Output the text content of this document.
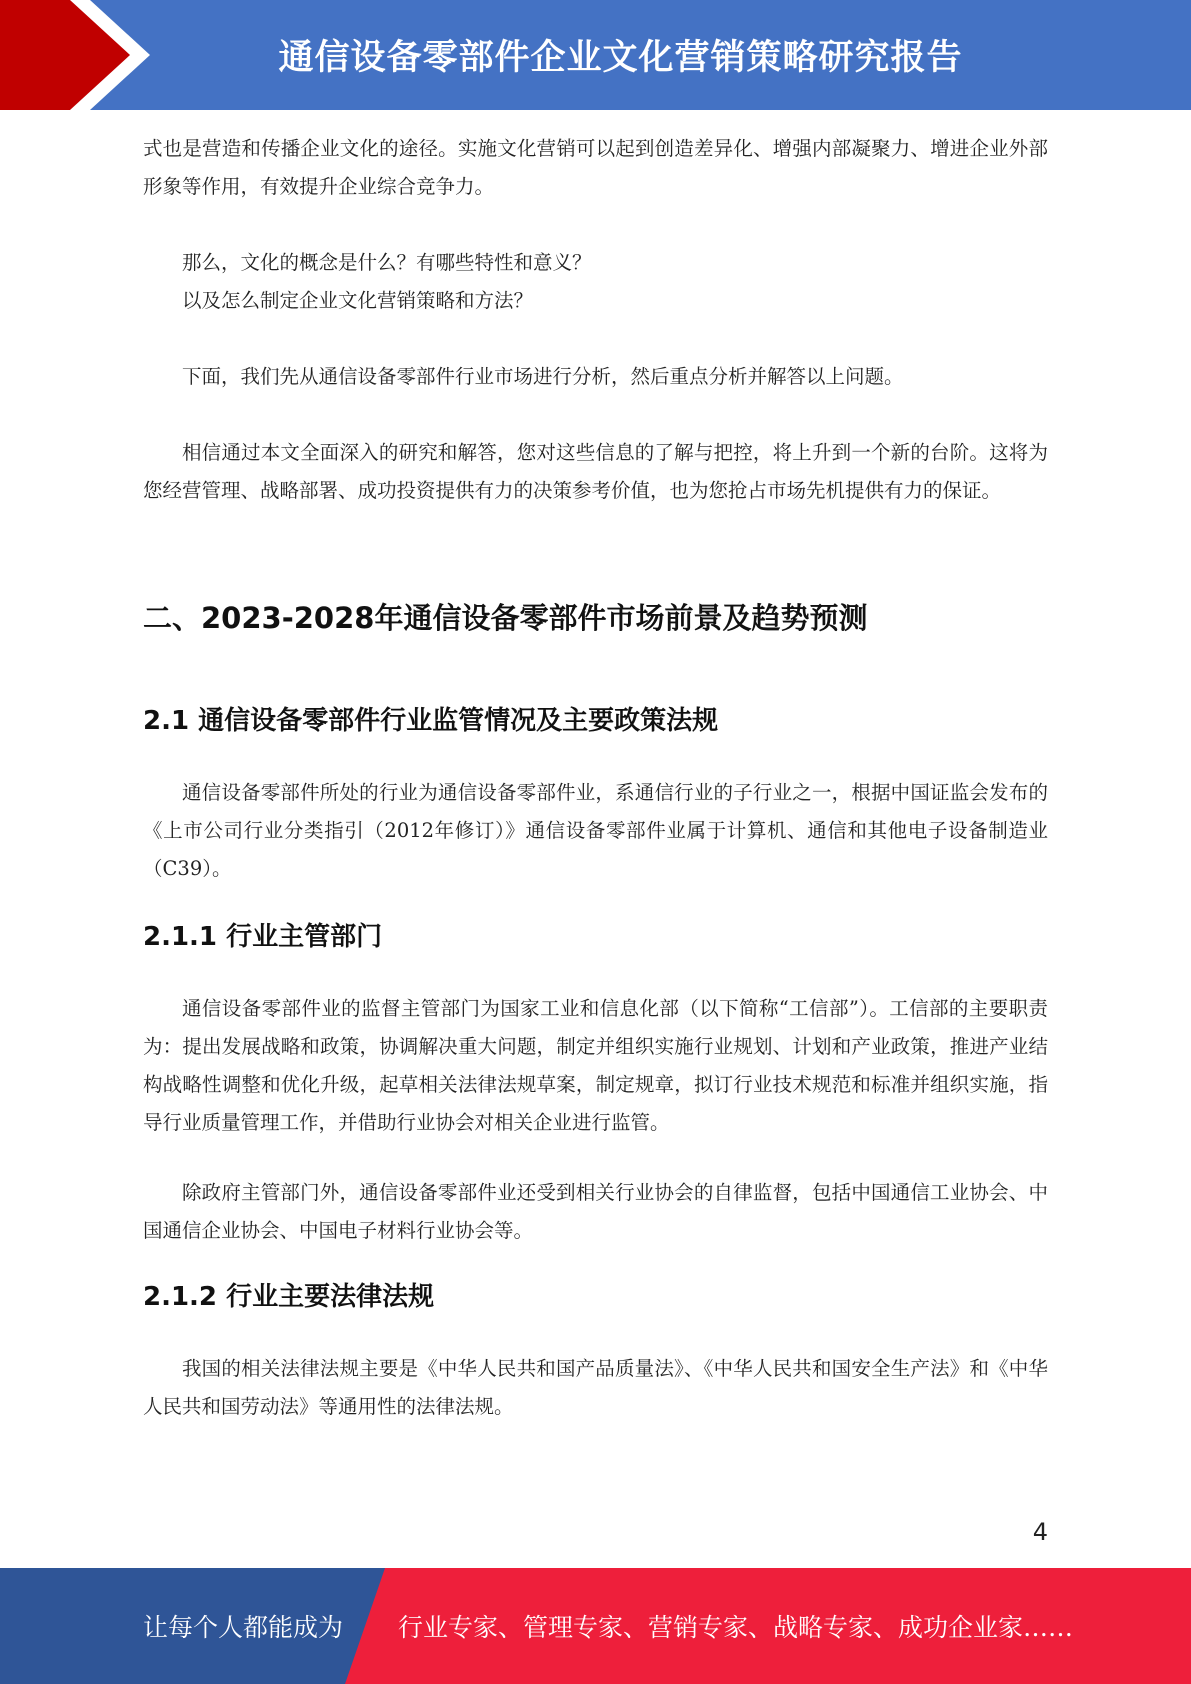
通信设备零部件企业文化营销策略研究报告

式也是营造和传播企业文化的途径。实施文化营销可以起到创造差异化、增强内部凝聚力、增进企业外部形象等作用，有效提升企业综合竞争力。

那么，文化的概念是什么？有哪些特性和意义？

以及怎么制定企业文化营销策略和方法？

下面，我们先从通信设备零部件行业市场进行分析，然后重点分析并解答以上问题。

相信通过本文全面深入的研究和解答，您对这些信息的了解与把控，将上升到一个新的台阶。这将为您经营管理、战略部署、成功投资提供有力的决策参考价值，也为您抢占市场先机提供有力的保证。

二、2023-2028年通信设备零部件市场前景及趋势预测
2.1 通信设备零部件行业监管情况及主要政策法规

通信设备零部件所处的行业为通信设备零部件业，系通信行业的子行业之一，根据中国证监会发布的《上市公司行业分类指引（2012年修订）》通信设备零部件业属于计算机、通信和其他电子设备制造业（C39）。

2.1.1 行业主管部门

通信设备零部件业的监督主管部门为国家工业和信息化部（以下简称“工信部”）。工信部的主要职责为：提出发展战略和政策，协调解决重大问题，制定并组织实施行业规划、计划和产业政策，推进产业结构战略性调整和优化升级，起草相关法律法规草案，制定规章，拟订行业技术规范和标准并组织实施，指导行业质量管理工作，并借助行业协会对相关企业进行监管。

除政府主管部门外，通信设备零部件业还受到相关行业协会的自律监督，包括中国通信工业协会、中国通信企业协会、中国电子材料行业协会等。

2.1.2 行业主要法律法规

我国的相关法律法规主要是《中华人民共和国产品质量法》、《中华人民共和国安全生产法》和《中华人民共和国劳动法》等通用性的法律法规。

4
让每个人都能成为 行业专家、管理专家、营销专家、战略专家、成功企业家……
